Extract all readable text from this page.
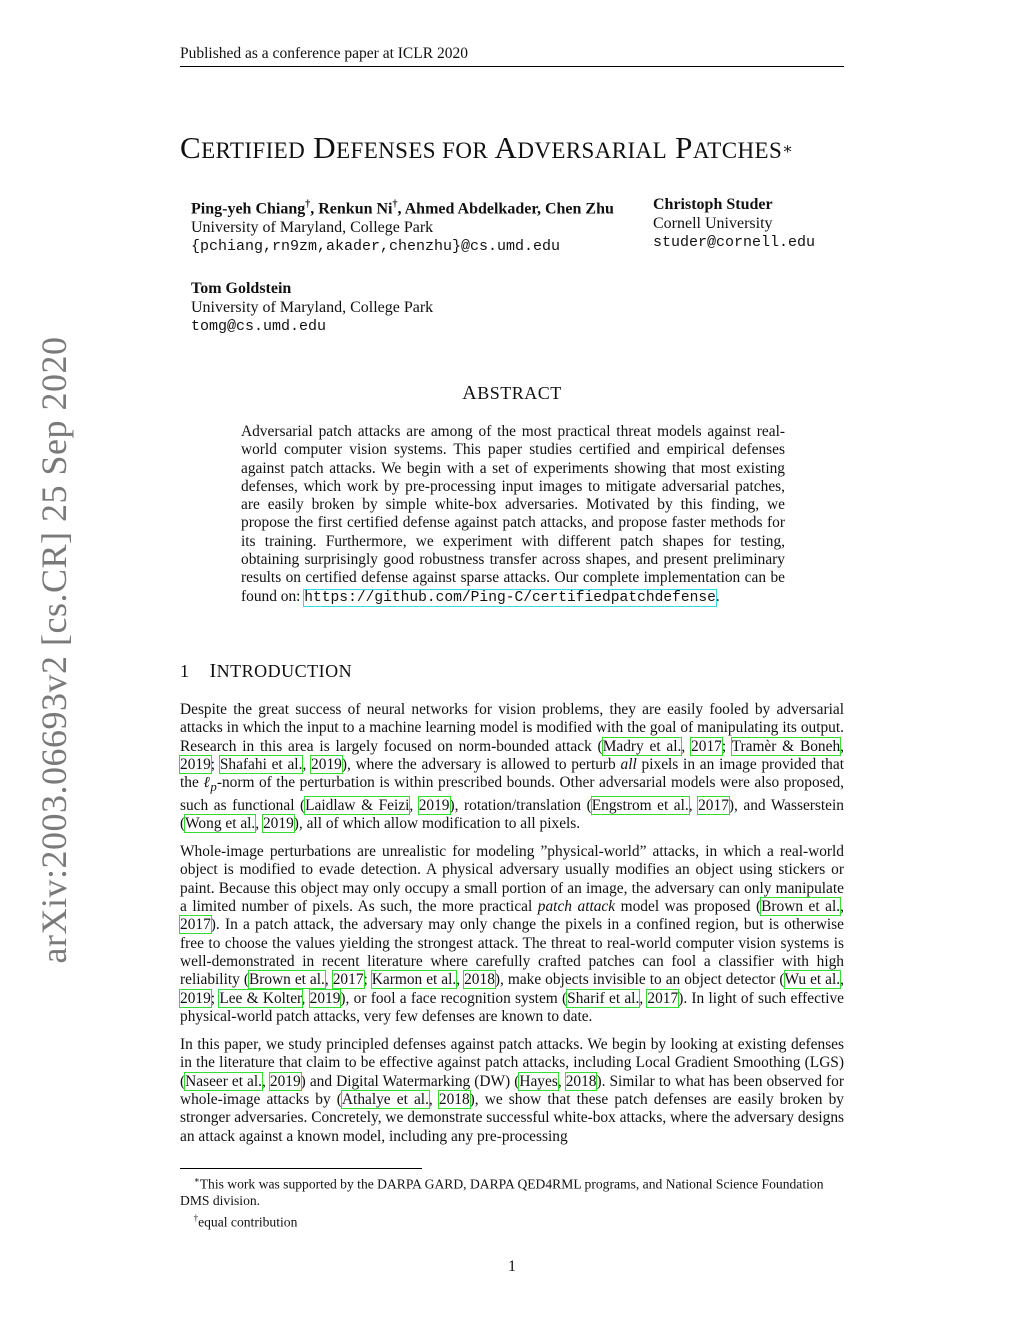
Published as a conference paper at ICLR 2020
CERTIFIED DEFENSES FOR ADVERSARIAL PATCHES∗
Ping-yeh Chiang†, Renkun Ni†, Ahmed Abdelkader, Chen Zhu
University of Maryland, College Park
{pchiang,rn9zm,akader,chenzhu}@cs.umd.edu
Christoph Studer
Cornell University
studer@cornell.edu
Tom Goldstein
University of Maryland, College Park
tomg@cs.umd.edu
arXiv:2003.06693v2 [cs.CR] 25 Sep 2020	ABSTRACT
Adversarial patch attacks are among of the most practical threat models against real-world computer vision systems. This paper studies certified and empirical defenses against patch attacks. We begin with a set of experiments showing that most existing defenses, which work by pre-processing input images to mitigate adversarial patches, are easily broken by simple white-box adversaries. Motivated by this finding, we propose the first certified defense against patch attacks, and propose faster methods for its training. Furthermore, we experiment with different patch shapes for testing, obtaining surprisingly good robustness transfer across shapes, and present preliminary results on certified defense against sparse attacks. Our complete implementation can be found on: https://github.com/Ping-C/certifiedpatchdefense.
1 INTRODUCTION

Despite the great success of neural networks for vision problems, they are easily fooled by adversarial attacks in which the input to a machine learning model is modified with the goal of manipulating its output. Research in this area is largely focused on norm-bounded attack (Madry et al., 2017; Tramèr & Boneh, 2019; Shafahi et al., 2019), where the adversary is allowed to perturb all pixels in an image provided that the ℓ$_p$-norm of the perturbation is within prescribed bounds. Other adversarial models were also proposed, such as functional (Laidlaw & Feizi, 2019), rotation/translation (Engstrom et al., 2017), and Wasserstein (Wong et al., 2019), all of which allow modification to all pixels.

Whole-image perturbations are unrealistic for modeling ”physical-world” attacks, in which a real-world object is modified to evade detection. A physical adversary usually modifies an object using stickers or paint. Because this object may only occupy a small portion of an image, the adversary can only manipulate a limited number of pixels. As such, the more practical patch attack model was proposed (Brown et al., 2017). In a patch attack, the adversary may only change the pixels in a confined region, but is otherwise free to choose the values yielding the strongest attack. The threat to real-world computer vision systems is well-demonstrated in recent literature where carefully crafted patches can fool a classifier with high reliability (Brown et al., 2017; Karmon et al., 2018), make objects invisible to an object detector (Wu et al., 2019; Lee & Kolter, 2019), or fool a face recognition system (Sharif et al., 2017). In light of such effective physical-world patch attacks, very few defenses are known to date.

In this paper, we study principled defenses against patch attacks. We begin by looking at existing defenses in the literature that claim to be effective against patch attacks, including Local Gradient Smoothing (LGS) (Naseer et al., 2019) and Digital Watermarking (DW) (Hayes, 2018). Similar to what has been observed for whole-image attacks by (Athalye et al., 2018), we show that these patch defenses are easily broken by stronger adversaries. Concretely, we demonstrate successful white-box attacks, where the adversary designs an attack against a known model, including any pre-processing

∗This work was supported by the DARPA GARD, DARPA QED4RML programs, and National Science Foundation DMS division.
†equal contribution
1
